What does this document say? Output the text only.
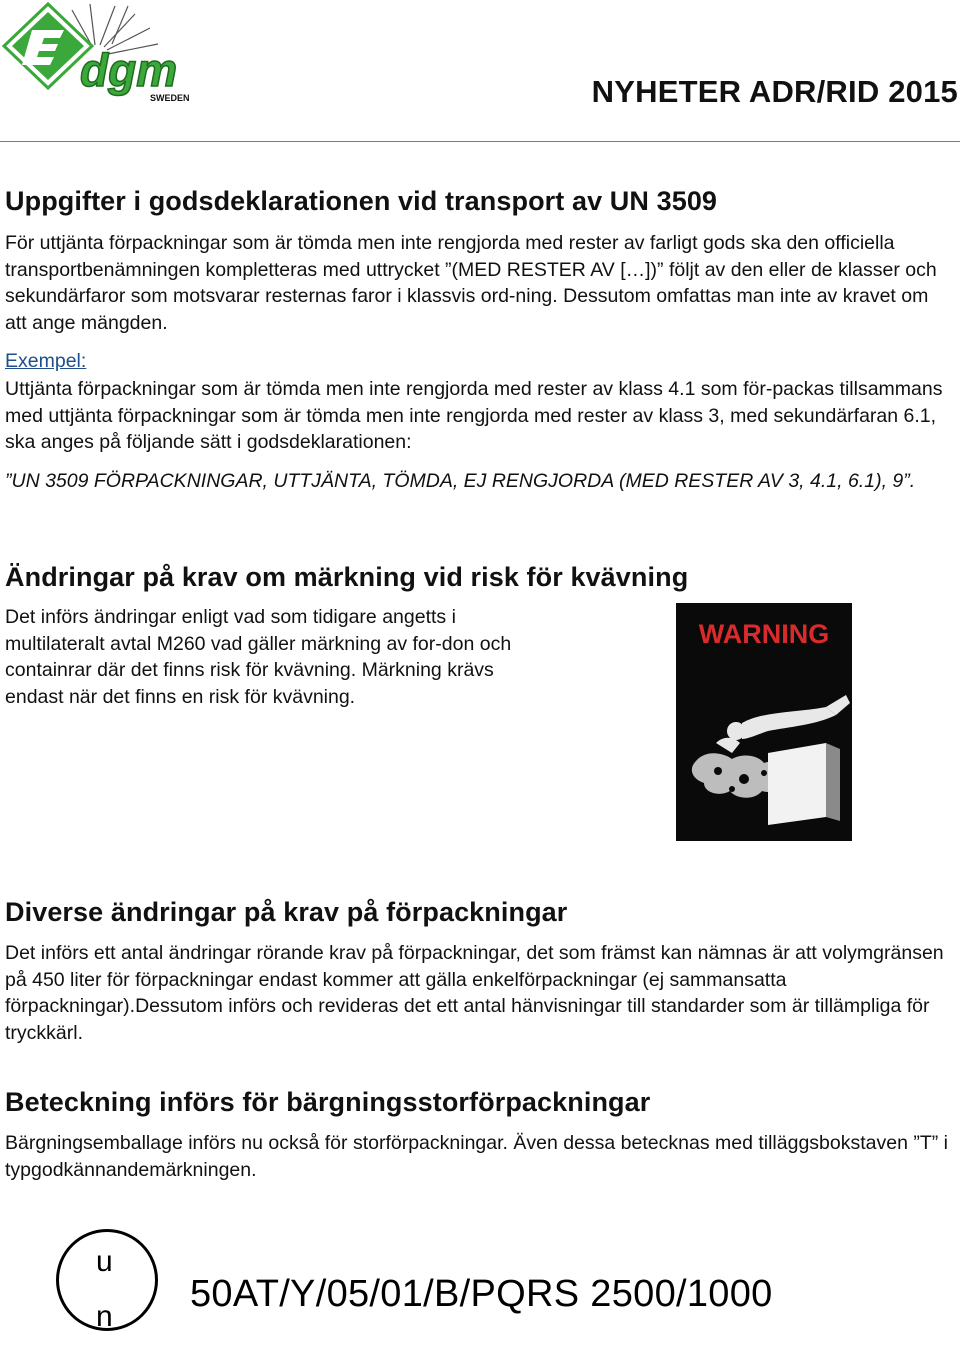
dgm
SWEDEN	NYHETER ADR/RID 2015
Uppgifter i godsdeklarationen vid transport av UN 3509

För uttjänta förpackningar som är tömda men inte rengjorda med rester av farligt gods ska den officiella transportbenämningen kompletteras med uttrycket ”(MED RESTER AV […])” följt av den eller de klasser och sekundärfaror som motsvarar resternas faror i klassvis ord-ning. Dessutom omfattas man inte av kravet om att ange mängden.

Exempel:

Uttjänta förpackningar som är tömda men inte rengjorda med rester av klass 4.1 som för-packas tillsammans med uttjänta förpackningar som är tömda men inte rengjorda med rester av klass 3, med sekundärfaran 6.1, ska anges på följande sätt i godsdeklarationen:

”UN 3509 FÖRPACKNINGAR, UTTJÄNTA, TÖMDA, EJ RENGJORDA (MED RESTER AV 3, 4.1, 6.1), 9”.

Ändringar på krav om märkning vid risk för kvävning

Det införs ändringar enligt vad som tidigare angetts i multilateralt avtal M260 vad gäller märkning av for-don och containrar där det finns risk för kvävning. Märkning krävs endast när det finns en risk för kvävning.

WARNING
Diverse ändringar på krav på förpackningar

Det införs ett antal ändringar rörande krav på förpackningar, det som främst kan nämnas är att volymgränsen på 450 liter för förpackningar endast kommer att gälla enkelförpackningar (ej sammansatta förpackningar).Dessutom införs och revideras det ett antal hänvisningar till standarder som är tillämpliga för tryckkärl.

Beteckning införs för bärgningsstorförpackningar

Bärgningsemballage införs nu också för storförpackningar. Även dessa betecknas med tilläggsbokstaven ”T” i typgodkännandemärkningen.

u
n
50AT/Y/05/01/B/PQRS 2500/1000
